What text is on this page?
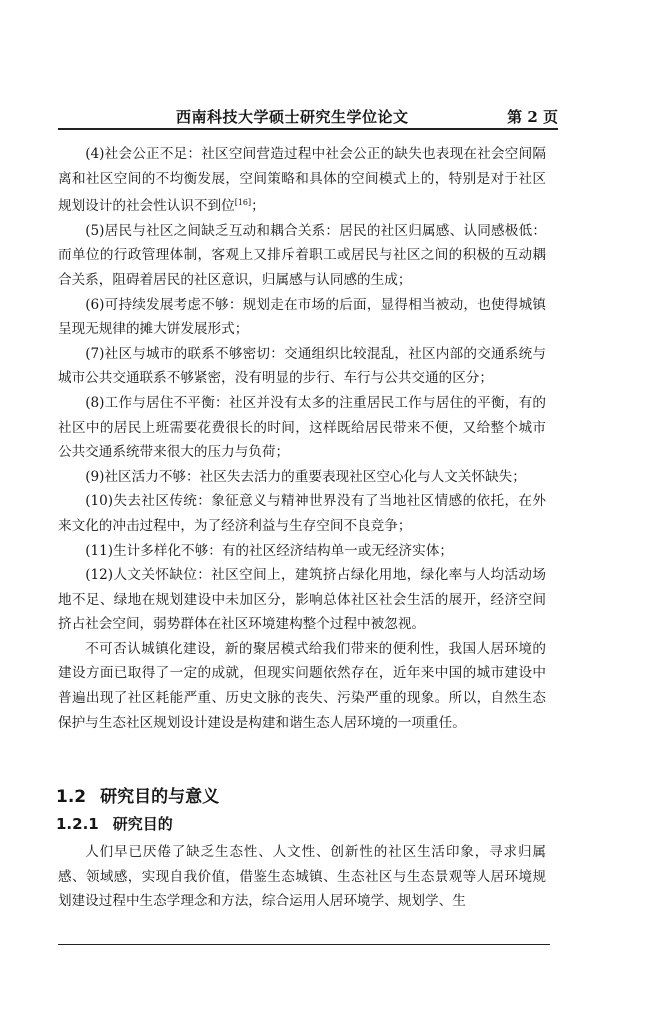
西南科技大学硕士研究生学位论文	第 2 页

(4)社会公正不足：社区空间营造过程中社会公正的缺失也表现在社会空间隔离和社区空间的不均衡发展，空间策略和具体的空间模式上的，特别是对于社区规划设计的社会性认识不到位[16]；

(5)居民与社区之间缺乏互动和耦合关系：居民的社区归属感、认同感极低：而单位的行政管理体制，客观上又排斥着职工或居民与社区之间的积极的互动耦合关系，阻碍着居民的社区意识，归属感与认同感的生成；

(6)可持续发展考虑不够：规划走在市场的后面，显得相当被动，也使得城镇呈现无规律的摊大饼发展形式；

(7)社区与城市的联系不够密切：交通组织比较混乱，社区内部的交通系统与城市公共交通联系不够紧密，没有明显的步行、车行与公共交通的区分；

(8)工作与居住不平衡：社区并没有太多的注重居民工作与居住的平衡，有的社区中的居民上班需要花费很长的时间，这样既给居民带来不便，又给整个城市公共交通系统带来很大的压力与负荷；

(9)社区活力不够：社区失去活力的重要表现社区空心化与人文关怀缺失；

(10)失去社区传统：象征意义与精神世界没有了当地社区情感的依托，在外来文化的冲击过程中，为了经济利益与生存空间不良竞争；

(11)生计多样化不够：有的社区经济结构单一或无经济实体；

(12)人文关怀缺位：社区空间上，建筑挤占绿化用地，绿化率与人均活动场地不足、绿地在规划建设中未加区分，影响总体社区社会生活的展开，经济空间挤占社会空间，弱势群体在社区环境建构整个过程中被忽视。

不可否认城镇化建设，新的聚居模式给我们带来的便利性，我国人居环境的建设方面已取得了一定的成就，但现实问题依然存在，近年来中国的城市建设中普遍出现了社区耗能严重、历史文脉的丧失、污染严重的现象。所以，自然生态保护与生态社区规划设计建设是构建和谐生态人居环境的一项重任。

1.2 研究目的与意义
1.2.1 研究目的

人们早已厌倦了缺乏生态性、人文性、创新性的社区生活印象，寻求归属感、领域感，实现自我价值，借鉴生态城镇、生态社区与生态景观等人居环境规划建设过程中生态学理念和方法，综合运用人居环境学、规划学、生
